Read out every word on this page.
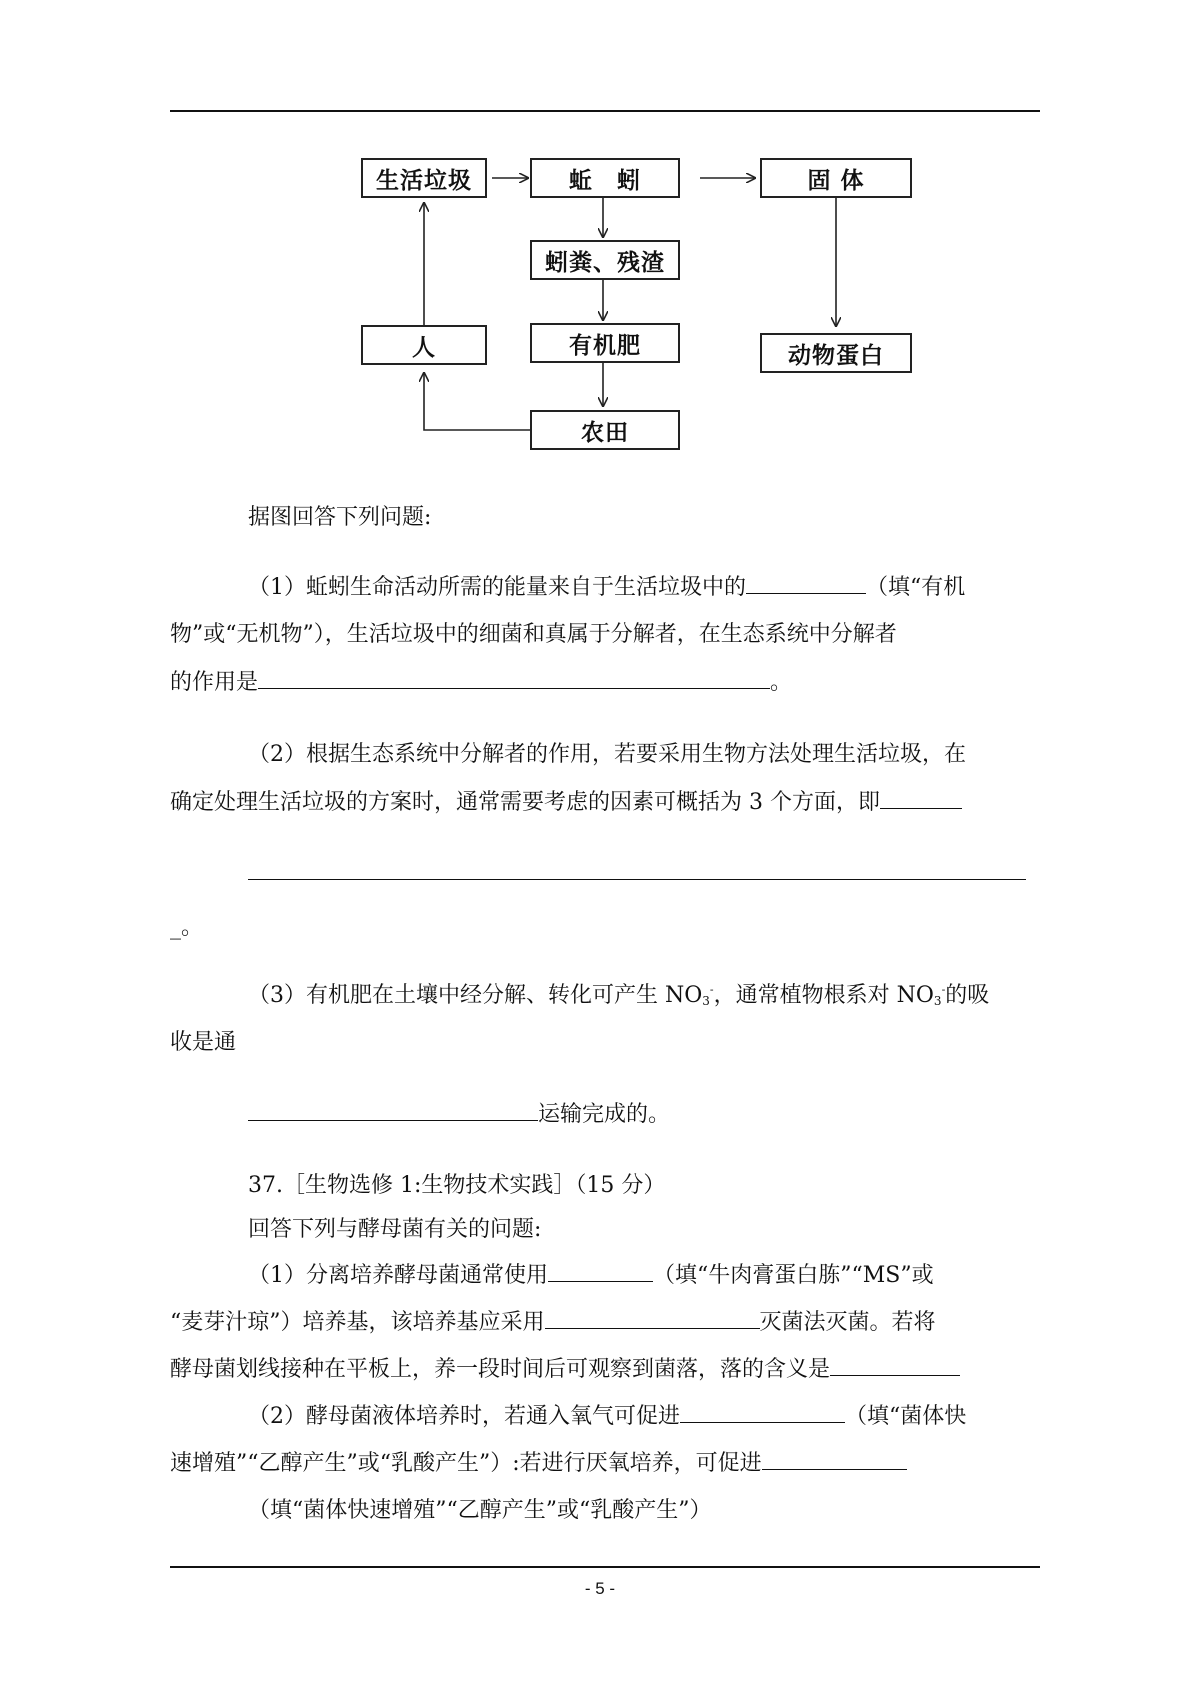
生活垃圾	蚯　蚓	固 体
蚓粪、残渣
有机肥	动物蛋白
人
农田
据图回答下列问题:
（1）蚯蚓生命活动所需的能量来自于生活垃圾中的	（填“有机
物”或“无机物”），生活垃圾中的细菌和真属于分解者，在生态系统中分解者
的作用是	。
（2）根据生态系统中分解者的作用，若要采用生物方法处理生活垃圾，在
确定处理生活垃圾的方案时，通常需要考虑的因素可概括为 3 个方面，即
_。
（3）有机肥在土壤中经分解、转化可产生 $NO_3^-$，通常植物根系对 $NO_3^-$的吸
收是通
运输完成的。
37.［生物选修 1:生物技术实践］（15 分）
回答下列与酵母菌有关的问题:
（1）分离培养酵母菌通常使用	（填“牛肉膏蛋白胨”“MS”或
“麦芽汁琼”）培养基，该培养基应采用	灭菌法灭菌。若将
酵母菌划线接种在平板上，养一段时间后可观察到菌落，落的含义是
（2）酵母菌液体培养时，若通入氧气可促进	（填“菌体快
速增殖”“乙醇产生”或“乳酸产生”）:若进行厌氧培养，可促进
（填“菌体快速增殖”“乙醇产生”或“乳酸产生”）
- 5 -
